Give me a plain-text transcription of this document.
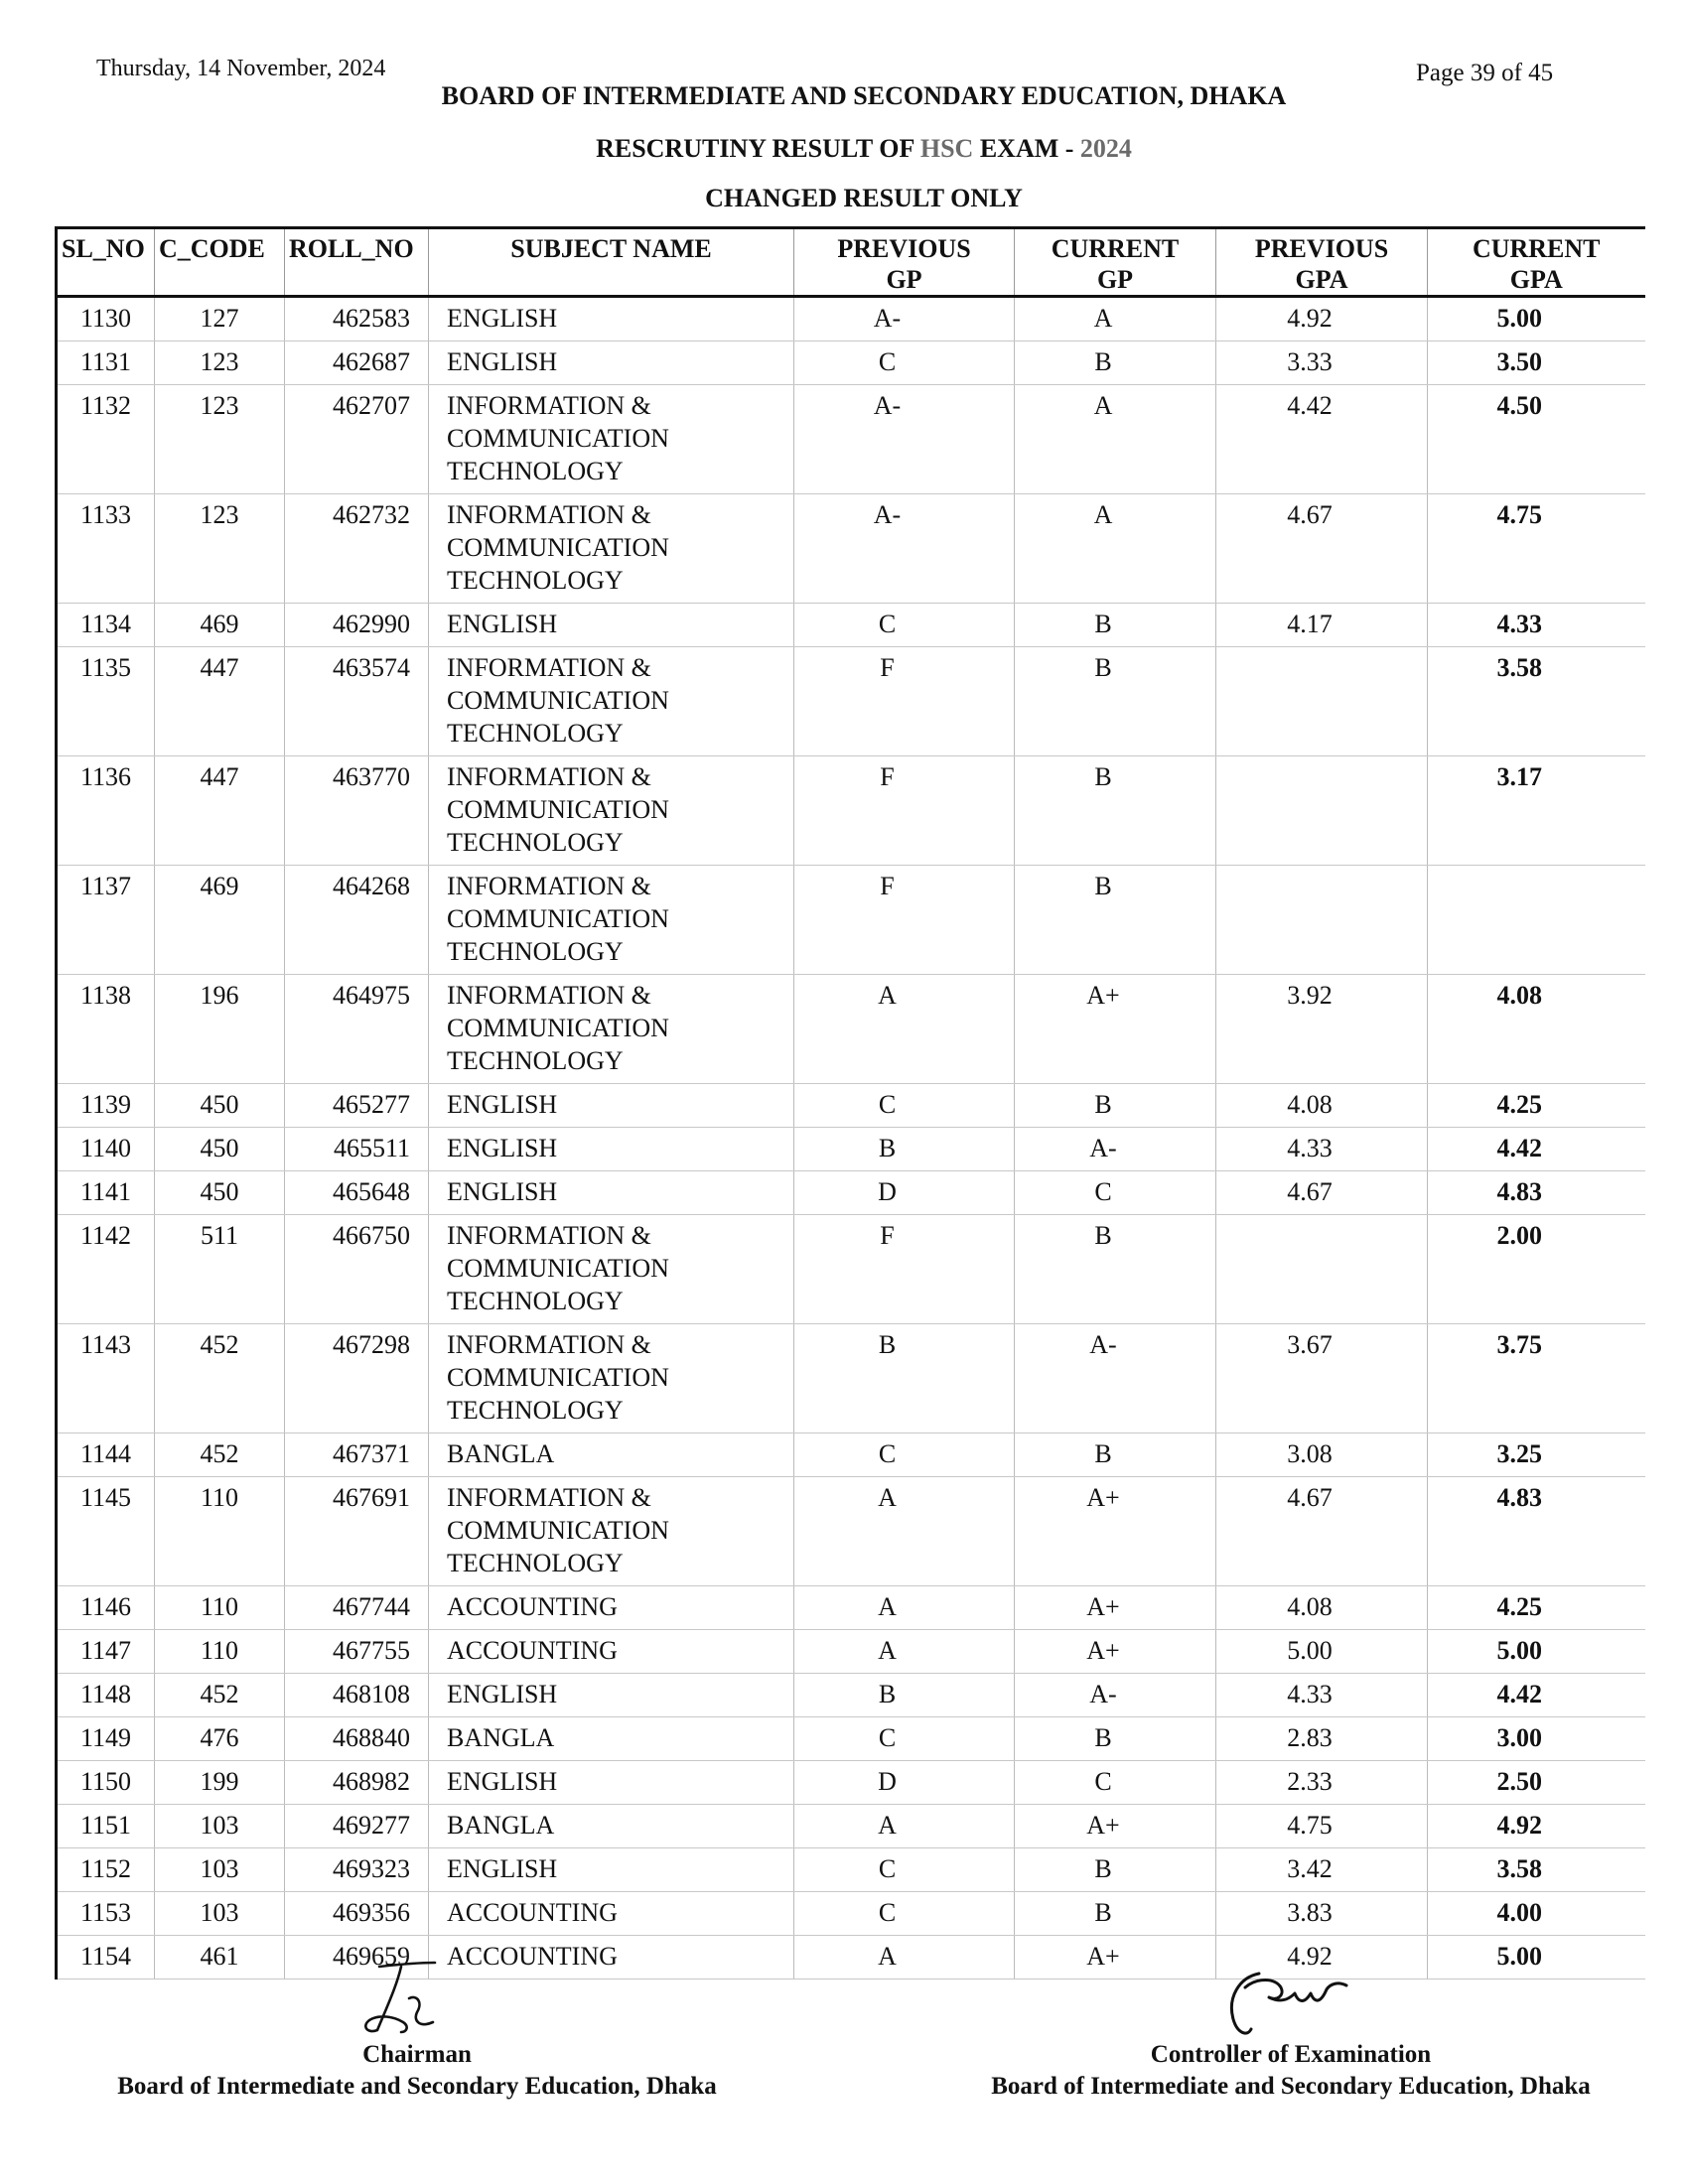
Thursday, 14 November, 2024	Page 39 of 45
BOARD OF INTERMEDIATE AND SECONDARY EDUCATION, DHAKA
RESCRUTINY RESULT OF HSC EXAM - 2024
CHANGED RESULT ONLY
SL_NO	C_CODE	ROLL_NO	SUBJECT NAME	PREVIOUS GP	CURRENT GP	PREVIOUS GPA	CURRENT GPA
1130	127	462583	ENGLISH	A-	A	4.92	5.00
1131	123	462687	ENGLISH	C	B	3.33	3.50
1132	123	462707	INFORMATION & COMMUNICATION TECHNOLOGY	A-	A	4.42	4.50
1133	123	462732	INFORMATION & COMMUNICATION TECHNOLOGY	A-	A	4.67	4.75
1134	469	462990	ENGLISH	C	B	4.17	4.33
1135	447	463574	INFORMATION & COMMUNICATION TECHNOLOGY	F	B		3.58
1136	447	463770	INFORMATION & COMMUNICATION TECHNOLOGY	F	B		3.17
1137	469	464268	INFORMATION & COMMUNICATION TECHNOLOGY	F	B		
1138	196	464975	INFORMATION & COMMUNICATION TECHNOLOGY	A	A+	3.92	4.08
1139	450	465277	ENGLISH	C	B	4.08	4.25
1140	450	465511	ENGLISH	B	A-	4.33	4.42
1141	450	465648	ENGLISH	D	C	4.67	4.83
1142	511	466750	INFORMATION & COMMUNICATION TECHNOLOGY	F	B		2.00
1143	452	467298	INFORMATION & COMMUNICATION TECHNOLOGY	B	A-	3.67	3.75
1144	452	467371	BANGLA	C	B	3.08	3.25
1145	110	467691	INFORMATION & COMMUNICATION TECHNOLOGY	A	A+	4.67	4.83
1146	110	467744	ACCOUNTING	A	A+	4.08	4.25
1147	110	467755	ACCOUNTING	A	A+	5.00	5.00
1148	452	468108	ENGLISH	B	A-	4.33	4.42
1149	476	468840	BANGLA	C	B	2.83	3.00
1150	199	468982	ENGLISH	D	C	2.33	2.50
1151	103	469277	BANGLA	A	A+	4.75	4.92
1152	103	469323	ENGLISH	C	B	3.42	3.58
1153	103	469356	ACCOUNTING	C	B	3.83	4.00
1154	461	469659	ACCOUNTING	A	A+	4.92	5.00
Chairman
Board of Intermediate and Secondary Education, Dhaka
Controller of Examination
Board of Intermediate and Secondary Education, Dhaka
